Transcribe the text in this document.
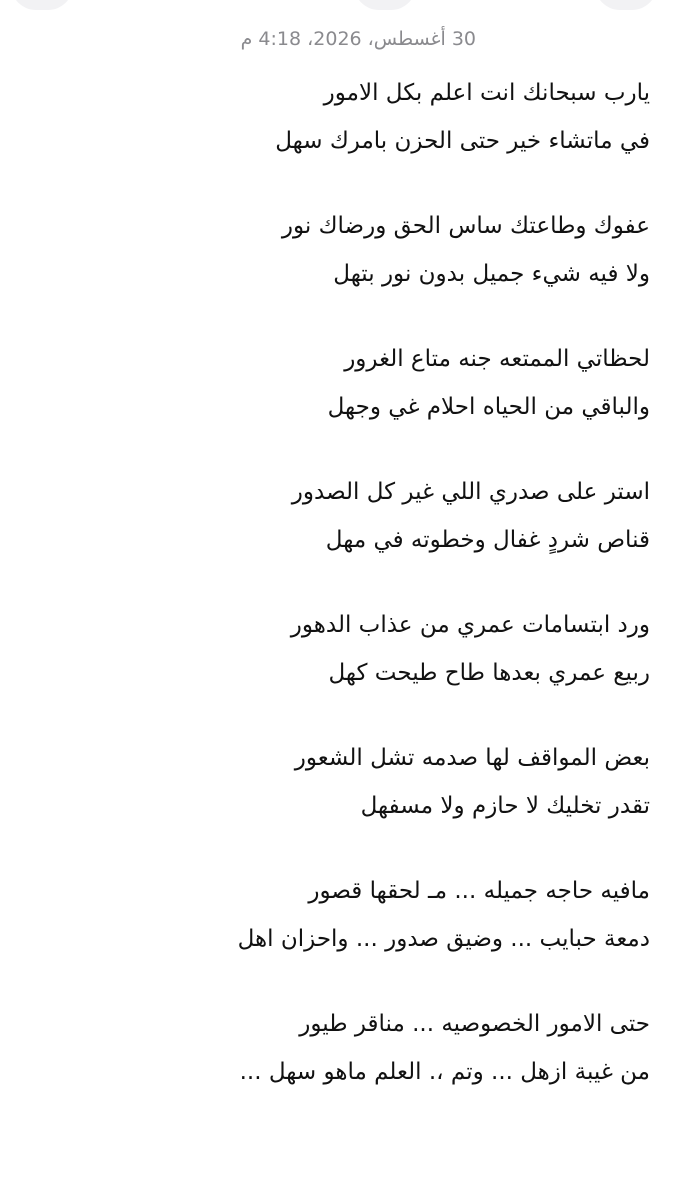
30 أغسطس، 2026، 4:18 م
يارب سبحانك انت اعلم بكل الامور
في ماتشاء خير حتى الحزن بامرك سهل
عفوك وطاعتك ساس الحق ورضاك نور
ولا فيه شيء جميل بدون نور بتهل
لحظاتي الممتعه جنه متاع الغرور
والباقي من الحياه احلام غي وجهل
استر على صدري اللي غير كل الصدور
قناص شردٍ غفال وخطوته في مهل
ورد ابتسامات عمري من عذاب الدهور
ربيع عمري بعدها طاح طيحت كهل
بعض المواقف لها صدمه تشل الشعور
تقدر تخليك لا حازم ولا مسفهل
مافيه حاجه جميله ... مـ لحقها قصور
دمعة حبايب ... وضيق صدور ... واحزان اهل
حتى الامور الخصوصيه ... مناقر طيور
من غيبة ازهل ... وتم ،. العلم ماهو سهل ...
